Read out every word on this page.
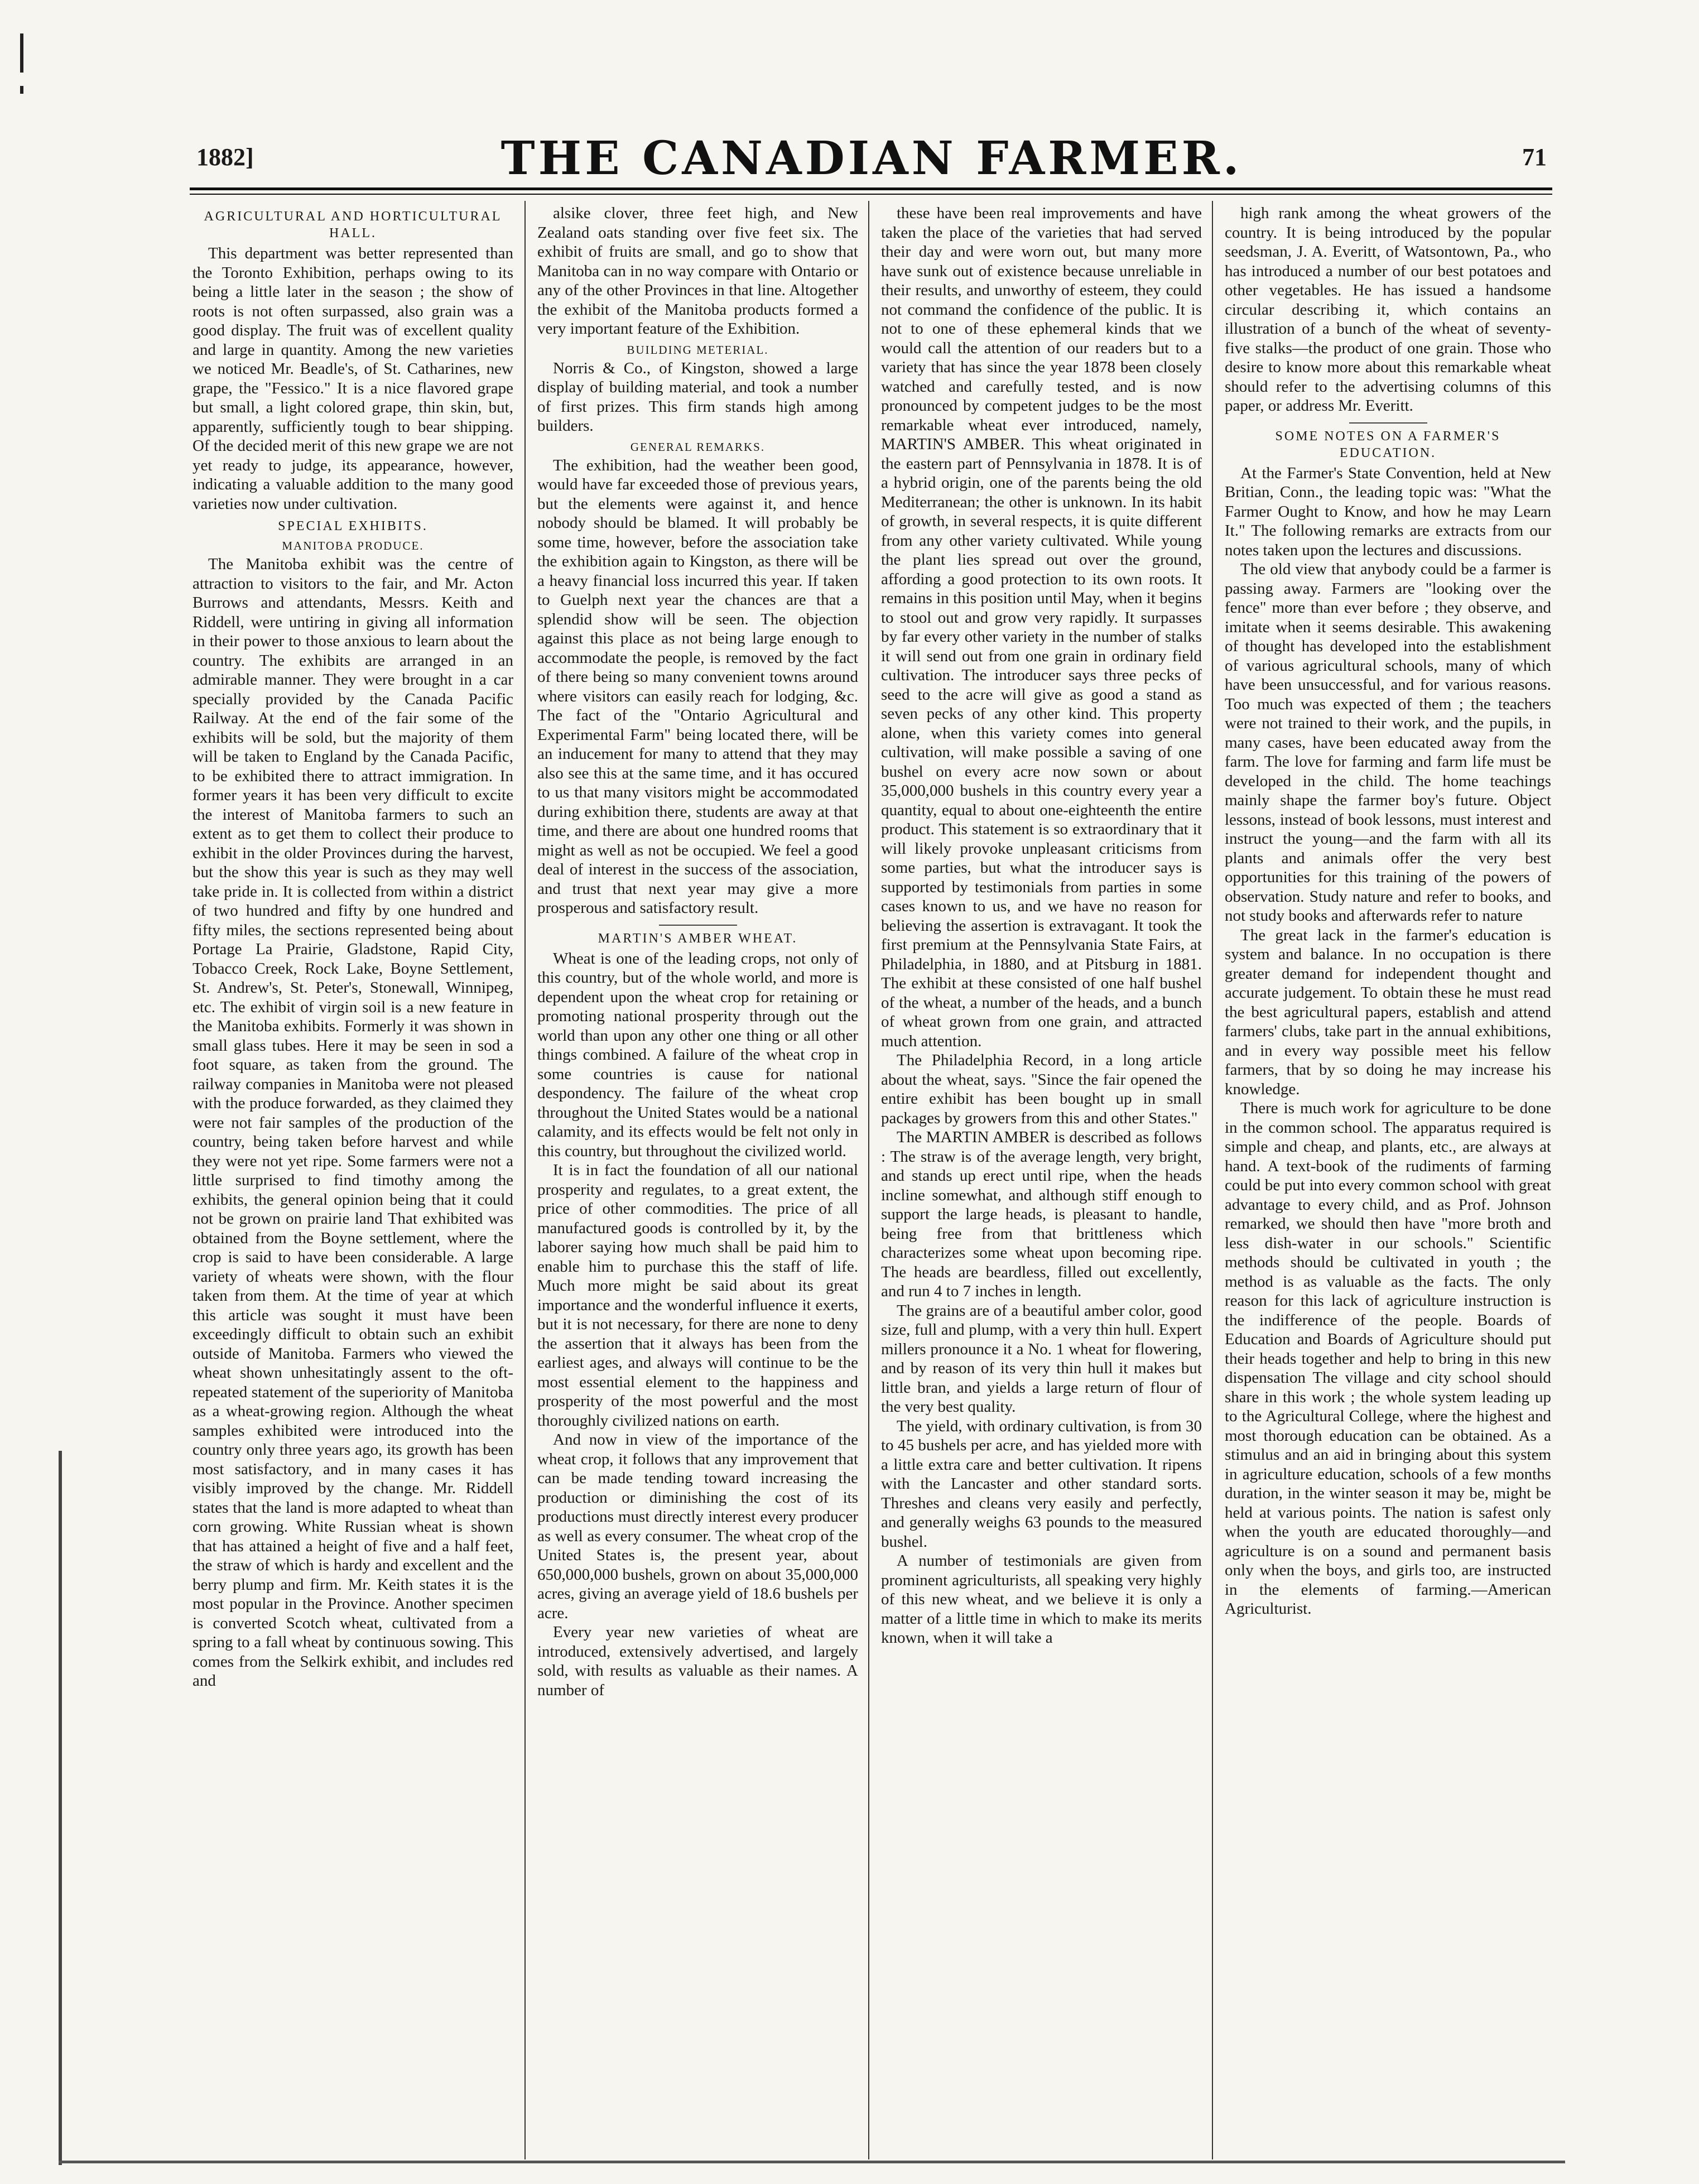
1882]	THE CANADIAN FARMER.	71
AGRICULTURAL AND HORTICULTURAL HALL.

This department was better represented than the Toronto Exhibition, perhaps owing to its being a little later in the season ; the show of roots is not often surpassed, also grain was a good display. The fruit was of excellent quality and large in quantity. Among the new varieties we noticed Mr. Beadle's, of St. Catharines, new grape, the "Fessico." It is a nice flavored grape but small, a light colored grape, thin skin, but, apparently, sufficiently tough to bear shipping. Of the decided merit of this new grape we are not yet ready to judge, its appearance, however, indicating a valuable addition to the many good varieties now under cultivation.

SPECIAL EXHIBITS.
MANITOBA PRODUCE.

The Manitoba exhibit was the centre of attraction to visitors to the fair, and Mr. Acton Burrows and attendants, Messrs. Keith and Riddell, were untiring in giving all information in their power to those anxious to learn about the country. The exhibits are arranged in an admirable manner. They were brought in a car specially provided by the Canada Pacific Railway. At the end of the fair some of the exhibits will be sold, but the majority of them will be taken to England by the Canada Pacific, to be exhibited there to attract immigration. In former years it has been very difficult to excite the interest of Manitoba farmers to such an extent as to get them to collect their produce to exhibit in the older Provinces during the harvest, but the show this year is such as they may well take pride in. It is collected from within a district of two hundred and fifty by one hundred and fifty miles, the sections represented being about Portage La Prairie, Gladstone, Rapid City, Tobacco Creek, Rock Lake, Boyne Settlement, St. Andrew's, St. Peter's, Stonewall, Winnipeg, etc. The exhibit of virgin soil is a new feature in the Manitoba exhibits. Formerly it was shown in small glass tubes. Here it may be seen in sod a foot square, as taken from the ground. The railway companies in Manitoba were not pleased with the produce forwarded, as they claimed they were not fair samples of the production of the country, being taken before harvest and while they were not yet ripe. Some farmers were not a little surprised to find timothy among the exhibits, the general opinion being that it could not be grown on prairie land That exhibited was obtained from the Boyne settlement, where the crop is said to have been considerable. A large variety of wheats were shown, with the flour taken from them. At the time of year at which this article was sought it must have been exceedingly difficult to obtain such an exhibit outside of Manitoba. Farmers who viewed the wheat shown unhesitatingly assent to the oft-repeated statement of the superiority of Manitoba as a wheat-growing region. Although the wheat samples exhibited were introduced into the country only three years ago, its growth has been most satisfactory, and in many cases it has visibly improved by the change. Mr. Riddell states that the land is more adapted to wheat than corn growing. White Russian wheat is shown that has attained a height of five and a half feet, the straw of which is hardy and excellent and the berry plump and firm. Mr. Keith states it is the most popular in the Province. Another specimen is converted Scotch wheat, cultivated from a spring to a fall wheat by continuous sowing. This comes from the Selkirk exhibit, and includes red and

alsike clover, three feet high, and New Zealand oats standing over five feet six. The exhibit of fruits are small, and go to show that Manitoba can in no way compare with Ontario or any of the other Provinces in that line. Altogether the exhibit of the Manitoba products formed a very important feature of the Exhibition.

BUILDING METERIAL.

Norris & Co., of Kingston, showed a large display of building material, and took a number of first prizes. This firm stands high among builders.

GENERAL REMARKS.

The exhibition, had the weather been good, would have far exceeded those of previous years, but the elements were against it, and hence nobody should be blamed. It will probably be some time, however, before the association take the exhibition again to Kingston, as there will be a heavy financial loss incurred this year. If taken to Guelph next year the chances are that a splendid show will be seen. The objection against this place as not being large enough to accommodate the people, is removed by the fact of there being so many convenient towns around where visitors can easily reach for lodging, &c. The fact of the "Ontario Agricultural and Experimental Farm" being located there, will be an inducement for many to attend that they may also see this at the same time, and it has occured to us that many visitors might be accommodated during exhibition there, students are away at that time, and there are about one hundred rooms that might as well as not be occupied. We feel a good deal of interest in the success of the association, and trust that next year may give a more prosperous and satisfactory result.

MARTIN'S AMBER WHEAT.

Wheat is one of the leading crops, not only of this country, but of the whole world, and more is dependent upon the wheat crop for retaining or promoting national prosperity through out the world than upon any other one thing or all other things combined. A failure of the wheat crop in some countries is cause for national despondency. The failure of the wheat crop throughout the United States would be a national calamity, and its effects would be felt not only in this country, but throughout the civilized world.

It is in fact the foundation of all our national prosperity and regulates, to a great extent, the price of other commodities. The price of all manufactured goods is controlled by it, by the laborer saying how much shall be paid him to enable him to purchase this the staff of life. Much more might be said about its great importance and the wonderful influence it exerts, but it is not necessary, for there are none to deny the assertion that it always has been from the earliest ages, and always will continue to be the most essential element to the happiness and prosperity of the most powerful and the most thoroughly civilized nations on earth.

And now in view of the importance of the wheat crop, it follows that any improvement that can be made tending toward increasing the production or diminishing the cost of its productions must directly interest every producer as well as every consumer. The wheat crop of the United States is, the present year, about 650,000,000 bushels, grown on about 35,000,000 acres, giving an average yield of 18.6 bushels per acre.

Every year new varieties of wheat are introduced, extensively advertised, and largely sold, with results as valuable as their names. A number of

these have been real improvements and have taken the place of the varieties that had served their day and were worn out, but many more have sunk out of existence because unreliable in their results, and unworthy of esteem, they could not command the confidence of the public. It is not to one of these ephemeral kinds that we would call the attention of our readers but to a variety that has since the year 1878 been closely watched and carefully tested, and is now pronounced by competent judges to be the most remarkable wheat ever introduced, namely, MARTIN'S AMBER. This wheat originated in the eastern part of Pennsylvania in 1878. It is of a hybrid origin, one of the parents being the old Mediterranean; the other is unknown. In its habit of growth, in several respects, it is quite different from any other variety cultivated. While young the plant lies spread out over the ground, affording a good protection to its own roots. It remains in this position until May, when it begins to stool out and grow very rapidly. It surpasses by far every other variety in the number of stalks it will send out from one grain in ordinary field cultivation. The introducer says three pecks of seed to the acre will give as good a stand as seven pecks of any other kind. This property alone, when this variety comes into general cultivation, will make possible a saving of one bushel on every acre now sown or about 35,000,000 bushels in this country every year a quantity, equal to about one-eighteenth the entire product. This statement is so extraordinary that it will likely provoke unpleasant criticisms from some parties, but what the introducer says is supported by testimonials from parties in some cases known to us, and we have no reason for believing the assertion is extravagant. It took the first premium at the Pennsylvania State Fairs, at Philadelphia, in 1880, and at Pitsburg in 1881. The exhibit at these consisted of one half bushel of the wheat, a number of the heads, and a bunch of wheat grown from one grain, and attracted much attention.

The Philadelphia Record, in a long article about the wheat, says. "Since the fair opened the entire exhibit has been bought up in small packages by growers from this and other States."

The MARTIN AMBER is described as follows : The straw is of the average length, very bright, and stands up erect until ripe, when the heads incline somewhat, and although stiff enough to support the large heads, is pleasant to handle, being free from that brittleness which characterizes some wheat upon becoming ripe. The heads are beardless, filled out excellently, and run 4 to 7 inches in length.

The grains are of a beautiful amber color, good size, full and plump, with a very thin hull. Expert millers pronounce it a No. 1 wheat for flowering, and by reason of its very thin hull it makes but little bran, and yields a large return of flour of the very best quality.

The yield, with ordinary cultivation, is from 30 to 45 bushels per acre, and has yielded more with a little extra care and better cultivation. It ripens with the Lancaster and other standard sorts. Threshes and cleans very easily and perfectly, and generally weighs 63 pounds to the measured bushel.

A number of testimonials are given from prominent agriculturists, all speaking very highly of this new wheat, and we believe it is only a matter of a little time in which to make its merits known, when it will take a

high rank among the wheat growers of the country. It is being introduced by the popular seedsman, J. A. Everitt, of Watsontown, Pa., who has introduced a number of our best potatoes and other vegetables. He has issued a handsome circular describing it, which contains an illustration of a bunch of the wheat of seventy-five stalks—the product of one grain. Those who desire to know more about this remarkable wheat should refer to the advertising columns of this paper, or address Mr. Everitt.

SOME NOTES ON A FARMER'S EDUCATION.

At the Farmer's State Convention, held at New Britian, Conn., the leading topic was: "What the Farmer Ought to Know, and how he may Learn It." The following remarks are extracts from our notes taken upon the lectures and discussions.

The old view that anybody could be a farmer is passing away. Farmers are "looking over the fence" more than ever before ; they observe, and imitate when it seems desirable. This awakening of thought has developed into the establishment of various agricultural schools, many of which have been unsuccessful, and for various reasons. Too much was expected of them ; the teachers were not trained to their work, and the pupils, in many cases, have been educated away from the farm. The love for farming and farm life must be developed in the child. The home teachings mainly shape the farmer boy's future. Object lessons, instead of book lessons, must interest and instruct the young—and the farm with all its plants and animals offer the very best opportunities for this training of the powers of observation. Study nature and refer to books, and not study books and afterwards refer to nature

The great lack in the farmer's education is system and balance. In no occupation is there greater demand for independent thought and accurate judgement. To obtain these he must read the best agricultural papers, establish and attend farmers' clubs, take part in the annual exhibitions, and in every way possible meet his fellow farmers, that by so doing he may increase his knowledge.

There is much work for agriculture to be done in the common school. The apparatus required is simple and cheap, and plants, etc., are always at hand. A text-book of the rudiments of farming could be put into every common school with great advantage to every child, and as Prof. Johnson remarked, we should then have "more broth and less dish-water in our schools." Scientific methods should be cultivated in youth ; the method is as valuable as the facts. The only reason for this lack of agriculture instruction is the indifference of the people. Boards of Education and Boards of Agriculture should put their heads together and help to bring in this new dispensation The village and city school should share in this work ; the whole system leading up to the Agricultural College, where the highest and most thorough education can be obtained. As a stimulus and an aid in bringing about this system in agriculture education, schools of a few months duration, in the winter season it may be, might be held at various points. The nation is safest only when the youth are educated thoroughly—and agriculture is on a sound and permanent basis only when the boys, and girls too, are instructed in the elements of farming.—American Agriculturist.
